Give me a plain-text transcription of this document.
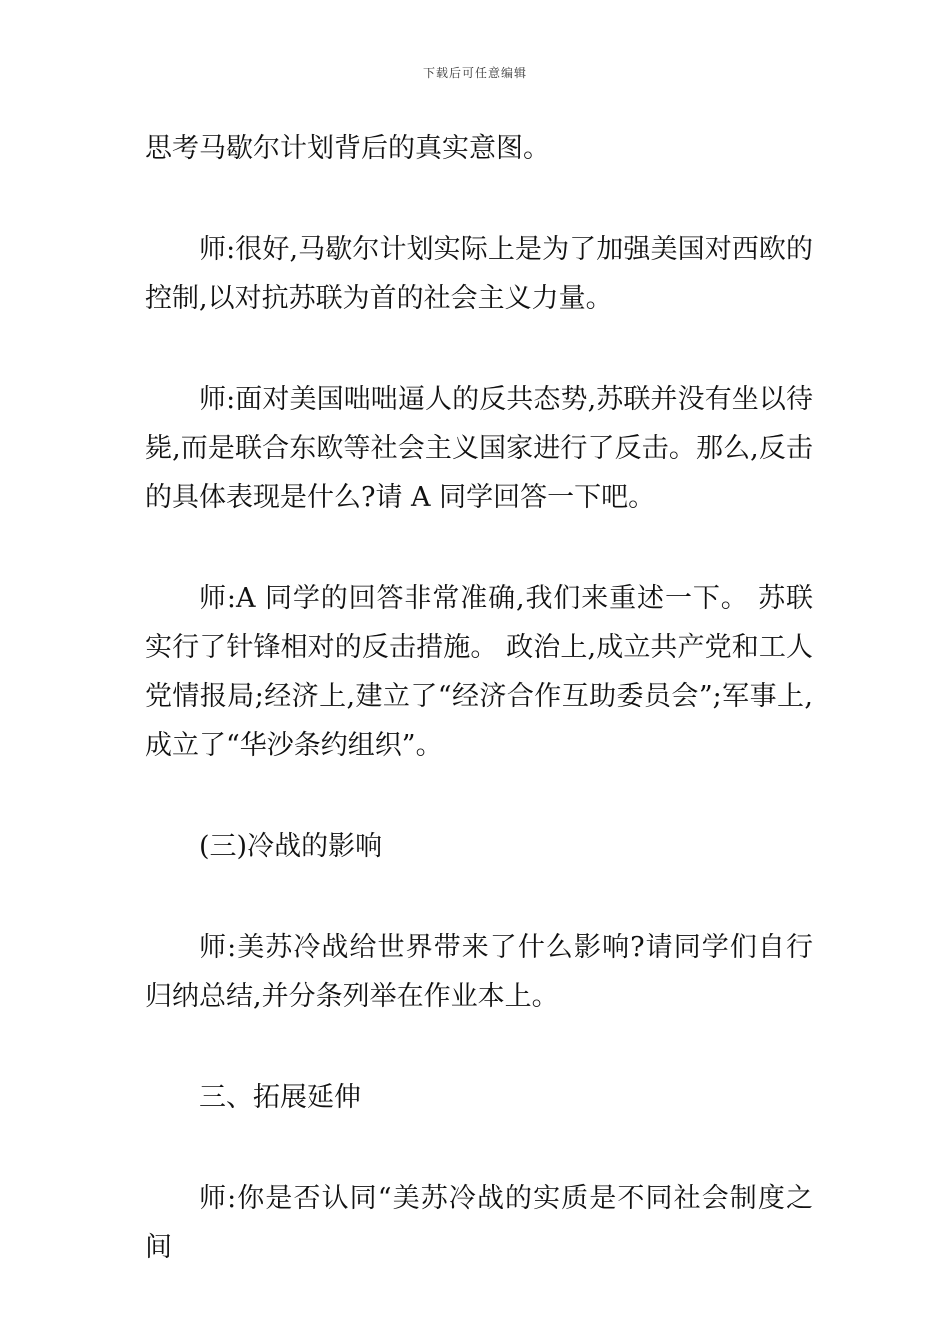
下载后可任意编辑

思考马歇尔计划背后的真实意图。

师:很好,马歇尔计划实际上是为了加强美国对西欧的控制,以对抗苏联为首的社会主义力量。

师:面对美国咄咄逼人的反共态势,苏联并没有坐以待毙,而是联合东欧等社会主义国家进行了反击。那么,反击的具体表现是什么?请 A 同学回答一下吧。

师:A 同学的回答非常准确,我们来重述一下。 苏联实行了针锋相对的反击措施。 政治上,成立共产党和工人党情报局;经济上,建立了“经济合作互助委员会”;军事上,成立了“华沙条约组织”。

(三)冷战的影响

师:美苏冷战给世界带来了什么影响?请同学们自行归纳总结,并分条列举在作业本上。

三、拓展延伸

师:你是否认同“美苏冷战的实质是不同社会制度之间
